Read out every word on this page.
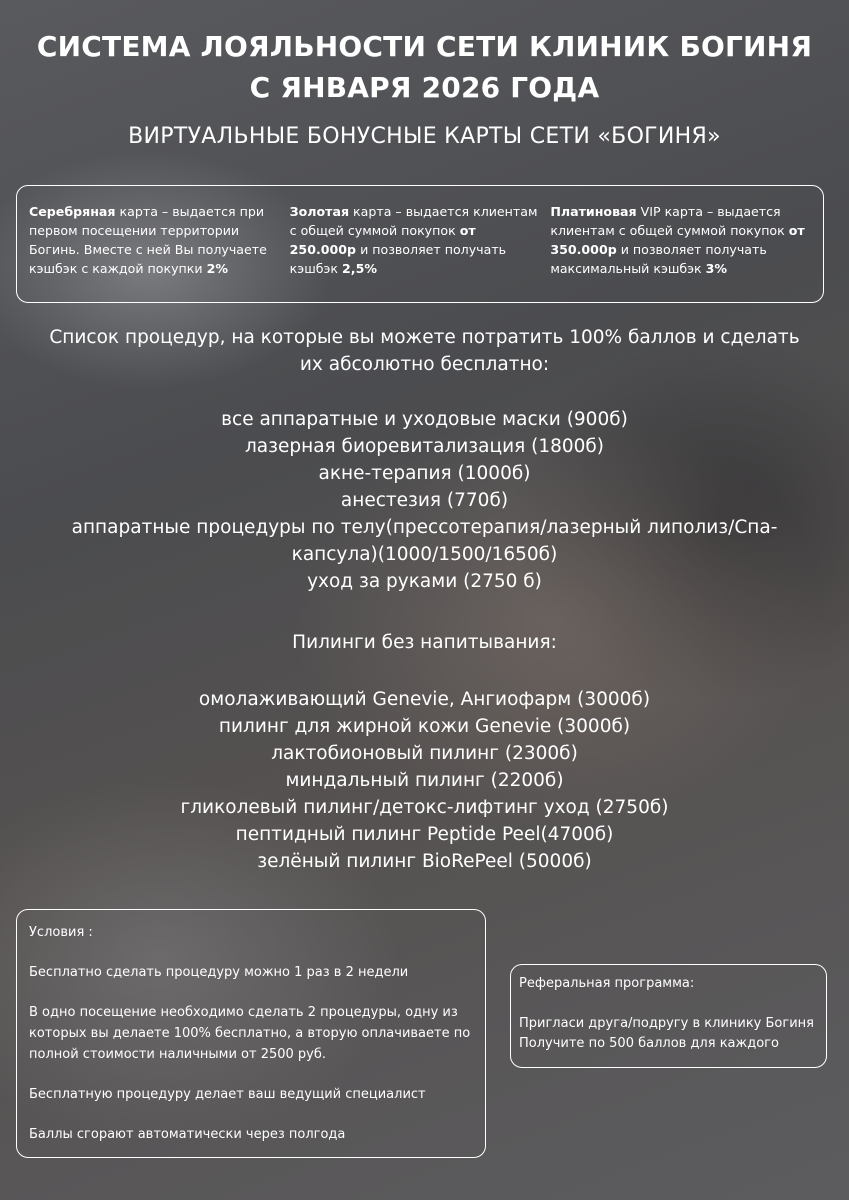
СИСТЕМА ЛОЯЛЬНОСТИ СЕТИ КЛИНИК БОГИНЯ
С ЯНВАРЯ 2026 ГОДА
ВИРТУАЛЬНЫЕ БОНУСНЫЕ КАРТЫ СЕТИ «БОГИНЯ»
Серебряная карта – выдается при первом посещении территории Богинь. Вместе с ней Вы получаете кэшбэк с каждой покупки 2%
Золотая карта – выдается клиентам с общей суммой покупок от 250.000р и позволяет получать кэшбэк 2,5%
Платиновая VIP карта – выдается клиентам с общей суммой покупок от 350.000р и позволяет получать максимальный кэшбэк 3%

Список процедур, на которые вы можете потратить 100% баллов и сделать
их абсолютно бесплатно:

все аппаратные и уходовые маски (900б)
лазерная биоревитализация (1800б)
акне-терапия (1000б)
анестезия (770б)
аппаратные процедуры по телу(прессотерапия/лазерный липолиз/Спа-
капсула)(1000/1500/1650б)
уход за руками (2750 б)

Пилинги без напитывания:

омолаживающий Genevie, Ангиофарм (3000б)
пилинг для жирной кожи Genevie (3000б)
лактобионовый пилинг (2300б)
миндальный пилинг (2200б)
гликолевый пилинг/детокс-лифтинг уход (2750б)
пептидный пилинг Peptide Peel(4700б)
зелёный пилинг BioRePeel (5000б)

Условия :

Бесплатно сделать процедуру можно 1 раз в 2 недели

В одно посещение необходимо сделать 2 процедуры, одну из которых вы делаете 100% бесплатно, а вторую оплачиваете по полной стоимости наличными от 2500 руб.

Бесплатную процедуру делает ваш ведущий специалист

Баллы сгорают автоматически через полгода

Реферальная программа:

Пригласи друга/подругу в клинику Богиня

Получите по 500 баллов для каждого
